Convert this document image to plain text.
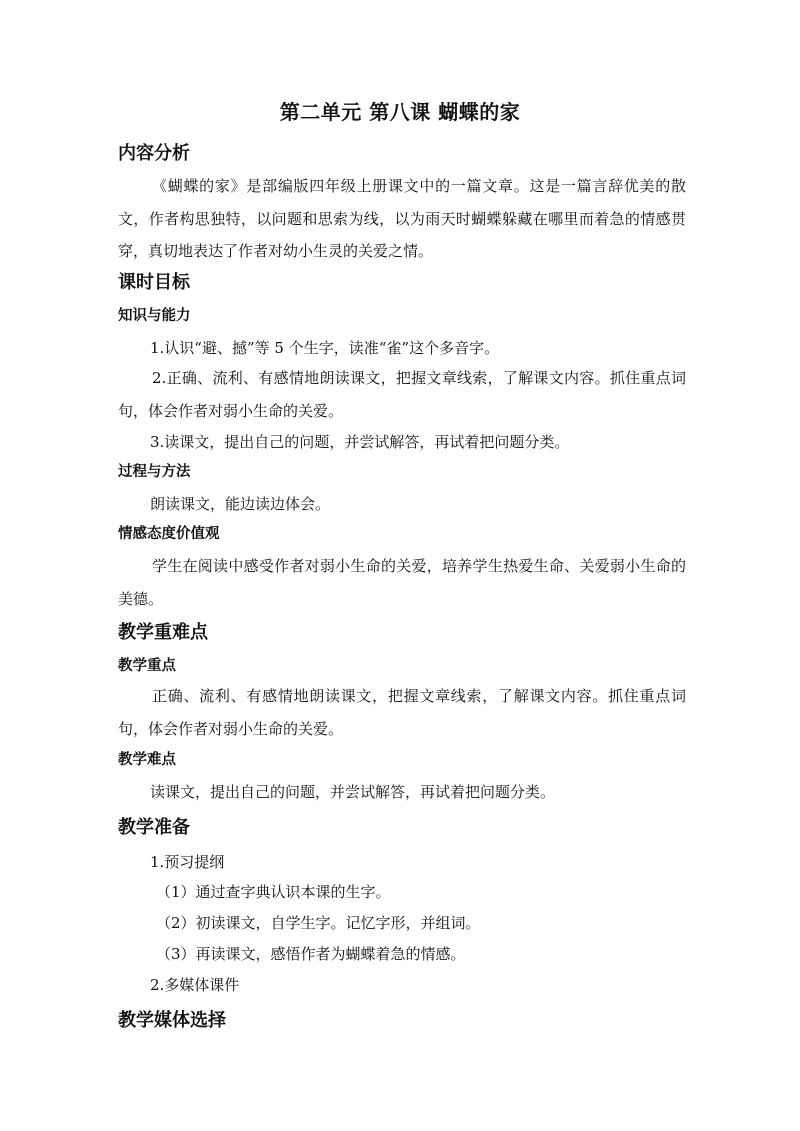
第二单元 第八课 蝴蝶的家
内容分析

《蝴蝶的家》是部编版四年级上册课文中的一篇文章。这是一篇言辞优美的散文，作者构思独特，以问题和思索为线，以为雨天时蝴蝶躲藏在哪里而着急的情感贯穿，真切地表达了作者对幼小生灵的关爱之情。

课时目标
知识与能力
1.认识“避、撼”等 5 个生字，读准“雀”这个多音字。

2.正确、流利、有感情地朗读课文，把握文章线索，了解课文内容。抓住重点词句，体会作者对弱小生命的关爱。

3.读课文，提出自己的问题，并尝试解答，再试着把问题分类。
过程与方法
朗读课文，能边读边体会。
情感态度价值观

学生在阅读中感受作者对弱小生命的关爱，培养学生热爱生命、关爱弱小生命的美德。

教学重难点
教学重点

正确、流利、有感情地朗读课文，把握文章线索，了解课文内容。抓住重点词句，体会作者对弱小生命的关爱。

教学难点
读课文，提出自己的问题，并尝试解答，再试着把问题分类。
教学准备
1.预习提纲
（1）通过查字典认识本课的生字。
（2）初读课文，自学生字。记忆字形，并组词。
（3）再读课文，感悟作者为蝴蝶着急的情感。
2.多媒体课件
教学媒体选择
